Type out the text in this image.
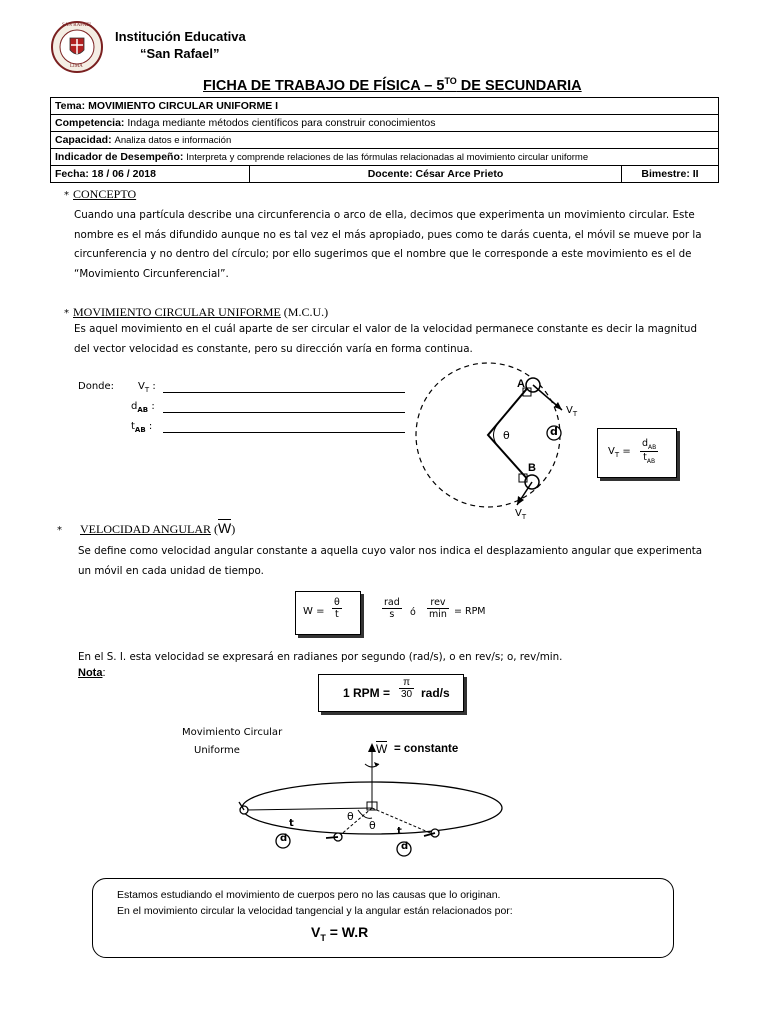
SAN RAFAEL
LIMA
Institución Educativa
“San Rafael”
FICHA DE TRABAJO DE FÍSICA – $5^{TO}$ DE SECUNDARIA
Tema: MOVIMIENTO CIRCULAR UNIFORME I
Competencia: Indaga mediante métodos científicos para construir conocimientos
Capacidad: Analiza datos e información
Indicador de Desempeño: Interpreta y comprende relaciones de las fórmulas relacionadas al movimiento circular uniforme
Fecha: 18 / 06 / 2018	Docente: César Arce Prieto	Bimestre: II
* CONCEPTO
Cuando una partícula describe una circunferencia o arco de ella, decimos que experimenta un movimiento circular. Este
nombre es el más difundido aunque no es tal vez el más apropiado, pues como te darás cuenta, el móvil se mueve por la
circunferencia y no dentro del círculo; por ello sugerimos que el nombre que le corresponde a este movimiento es el de
“Movimiento Circunferencial”.
* MOVIMIENTO CIRCULAR UNIFORME (M.C.U.)
Es aquel movimiento en el cuál aparte de ser circular el valor de la velocidad permanece constante es decir la magnitud
del vector velocidad es constante, pero su dirección varía en forma continua.
Donde: $V_T$ :
$d_{AB}$ :
$t_{AB}$ :
A
B
θ	d
$V_T$
$V_T$
$V_T$ =
$d_{AB}$
$t_{AB}$
* VELOCIDAD ANGULAR (W)
Se define como velocidad angular constante a aquella cuyo valor nos indica el desplazamiento angular que experimenta
un móvil en cada unidad de tiempo.
$W = \frac{\theta}{t}$	rad
s	ó
rev
min = RPM
En el S. I. esta velocidad se expresará en radianes por segundo (rad/s), o en rev/s; o, rev/min.
Nota:
1 RPM = $\frac{\pi}{30} rad/s$
Movimiento Circular
Uniforme	W = constante
θ
θ
t
t
d
d
Estamos estudiando el movimiento de cuerpos pero no las causas que lo originan.
En el movimiento circular la velocidad tangencial y la angular están relacionados por:
$V_T = W.R$
